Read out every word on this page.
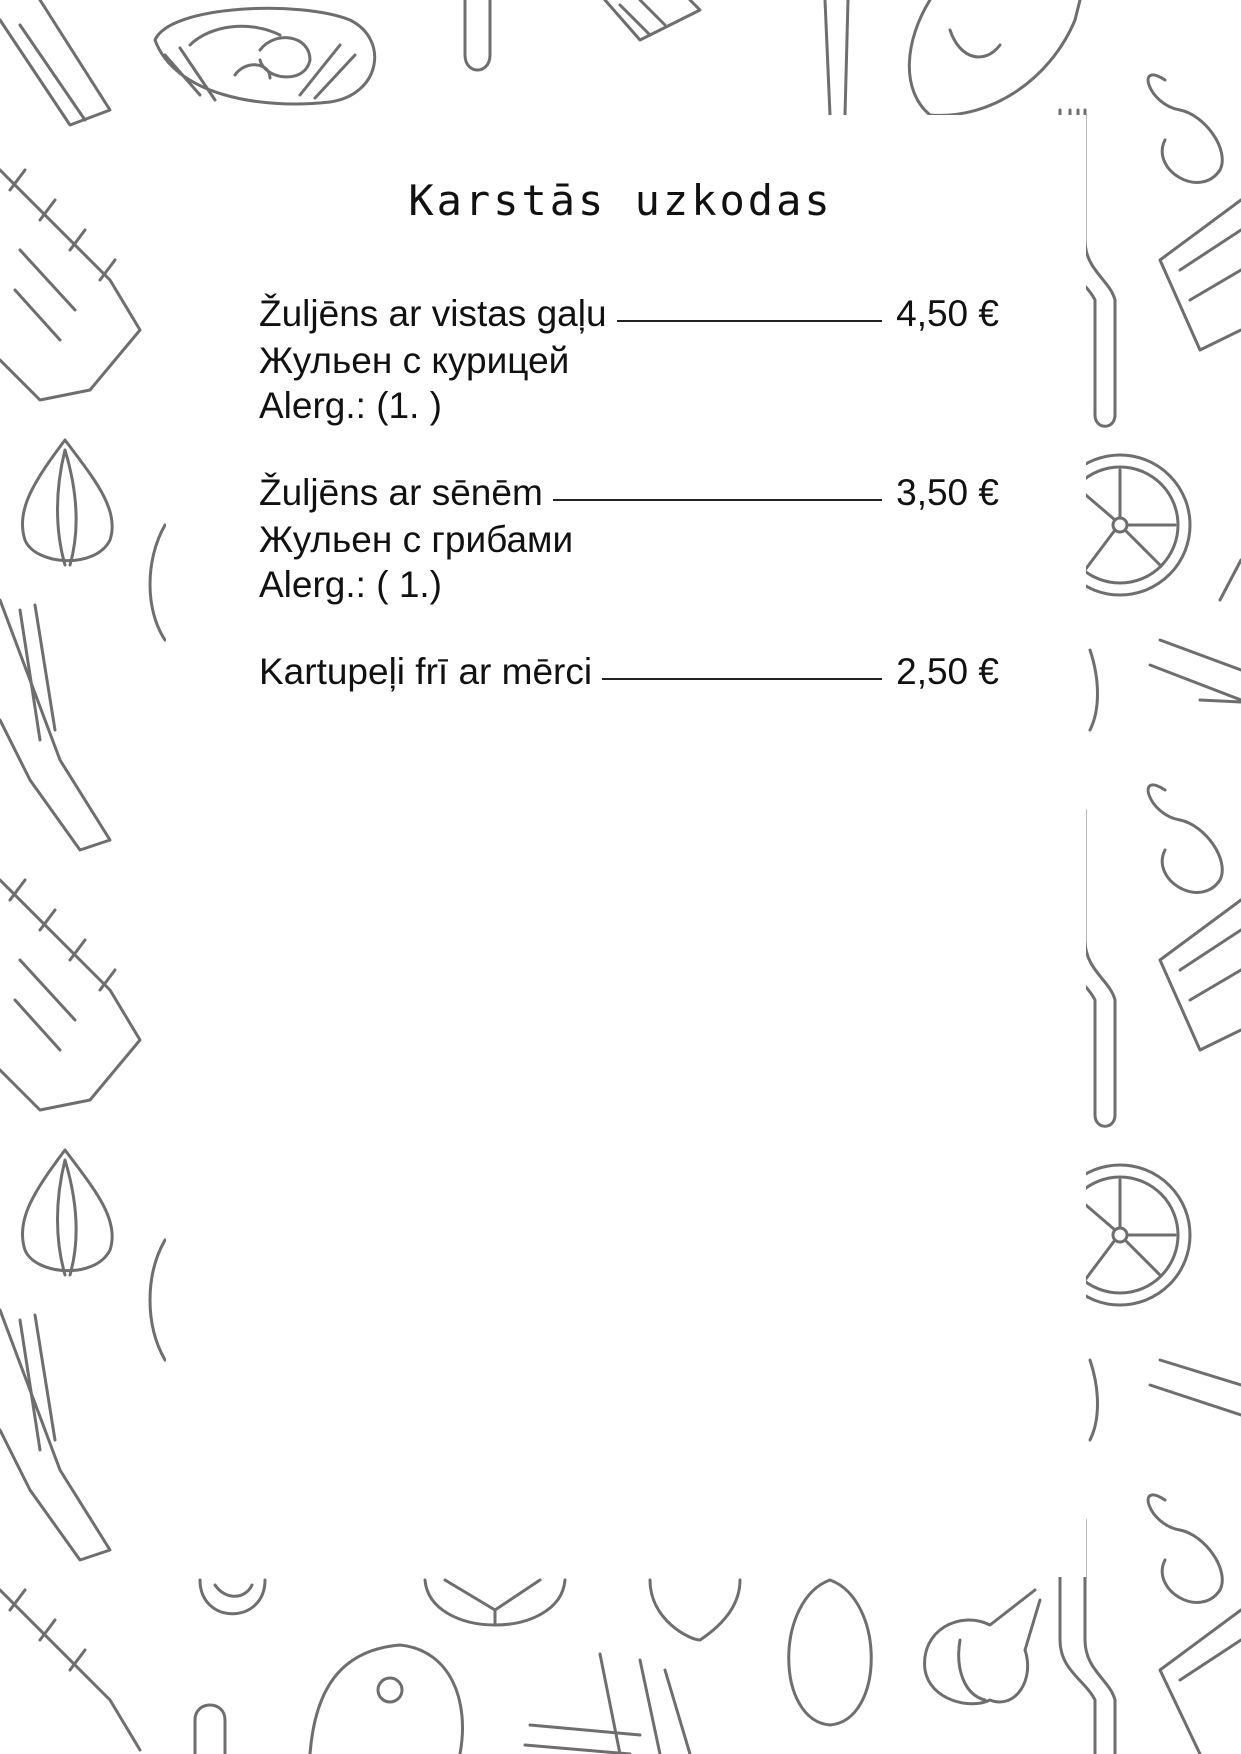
Karstās uzkodas
Žuljēns ar vistas gaļu	4,50 €
Жульен с курицей
Alerg.: (1. )
Žuljēns ar sēnēm	3,50 €
Жульен с грибами
Alerg.: ( 1.)
Kartupeļi frī ar mērci	2,50 €
